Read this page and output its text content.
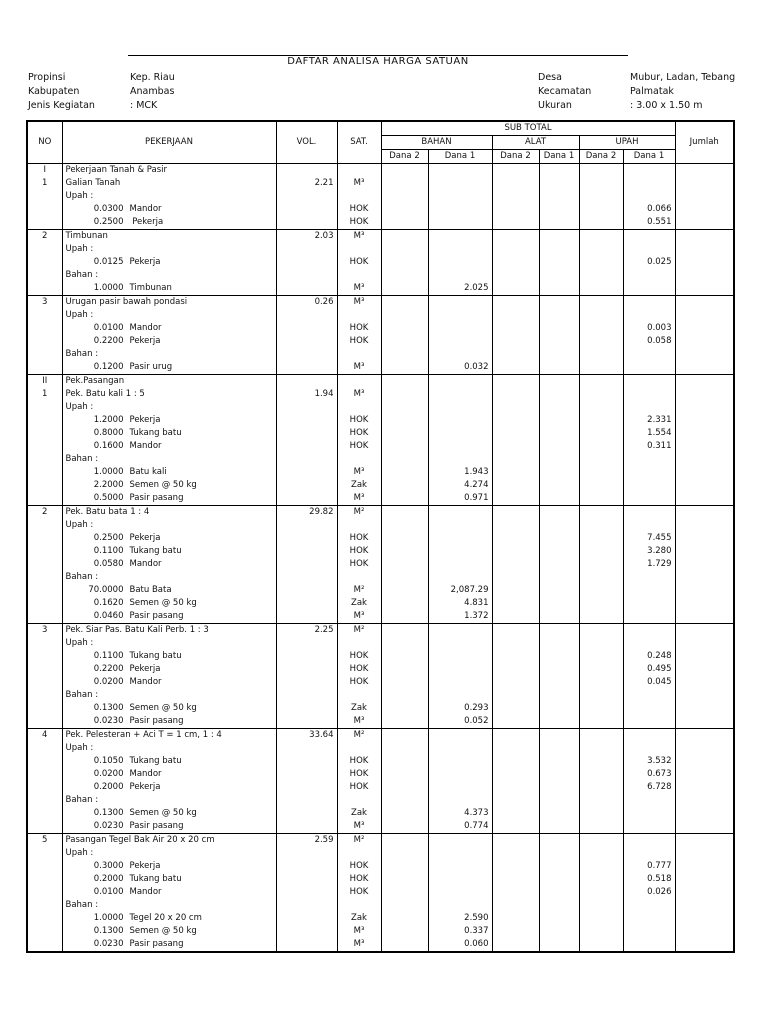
DAFTAR ANALISA HARGA SATUAN
Propinsi	Kep. Riau
Kabupaten	Anambas
Jenis Kegiatan	: MCK
Desa	Mubur, Ladan, Tebang
Kecamatan	Palmatak
Ukuran	: 3.00 x 1.50 m
NO	PEKERJAAN	VOL.	SAT.	SUB TOTAL						Jumlah
				BAHAN		ALAT		UPAH		
				Dana 2	Dana 1	Dana 2	Dana 1	Dana 2	Dana 1	
I	Pekerjaan Tanah & Pasir									
1	Galian Tanah	2.21	M³							
	Upah :									
	0.0300 Mandor		HOK						0.066	
	0.2500 Pekerja		HOK						0.551	
2	Timbunan	2.03	M³							
	Upah :									
	0.0125 Pekerja		HOK						0.025	
	Bahan :									
	1.0000 Timbunan		M³		2.025					
3	Urugan pasir bawah pondasi	0.26	M³							
	Upah :									
	0.0100 Mandor		HOK						0.003	
	0.2200 Pekerja		HOK						0.058	
	Bahan :									
	0.1200 Pasir urug		M³		0.032					
II	Pek.Pasangan									
1	Pek. Batu kali 1 : 5	1.94	M³							
	Upah :									
	1.2000 Pekerja		HOK						2.331	
	0.8000 Tukang batu		HOK						1.554	
	0.1600 Mandor		HOK						0.311	
	Bahan :									
	1.0000 Batu kali		M³		1.943					
	2.2000 Semen @ 50 kg		Zak		4.274					
	0.5000 Pasir pasang		M³		0.971					
2	Pek. Batu bata 1 : 4	29.82	M²							
	Upah :									
	0.2500 Pekerja		HOK						7.455	
	0.1100 Tukang batu		HOK						3.280	
	0.0580 Mandor		HOK						1.729	
	Bahan :									
	70.0000 Batu Bata		M²		2,087.29					
	0.1620 Semen @ 50 kg		Zak		4.831					
	0.0460 Pasir pasang		M³		1.372					
3	Pek. Siar Pas. Batu Kali Perb. 1 : 3	2.25	M²							
	Upah :									
	0.1100 Tukang batu		HOK						0.248	
	0.2200 Pekerja		HOK						0.495	
	0.0200 Mandor		HOK						0.045	
	Bahan :									
	0.1300 Semen @ 50 kg		Zak		0.293					
	0.0230 Pasir pasang		M³		0.052					
4	Pek. Pelesteran + Aci T = 1 cm, 1 : 4	33.64	M²							
	Upah :									
	0.1050 Tukang batu		HOK						3.532	
	0.0200 Mandor		HOK						0.673	
	0.2000 Pekerja		HOK						6.728	
	Bahan :									
	0.1300 Semen @ 50 kg		Zak		4.373					
	0.0230 Pasir pasang		M³		0.774					
5	Pasangan Tegel Bak Air 20 x 20 cm	2.59	M²							
	Upah :									
	0.3000 Pekerja		HOK						0.777	
	0.2000 Tukang batu		HOK						0.518	
	0.0100 Mandor		HOK						0.026	
	Bahan :									
	1.0000 Tegel 20 x 20 cm		Zak		2.590					
	0.1300 Semen @ 50 kg		M³		0.337					
	0.0230 Pasir pasang		M³		0.060					
